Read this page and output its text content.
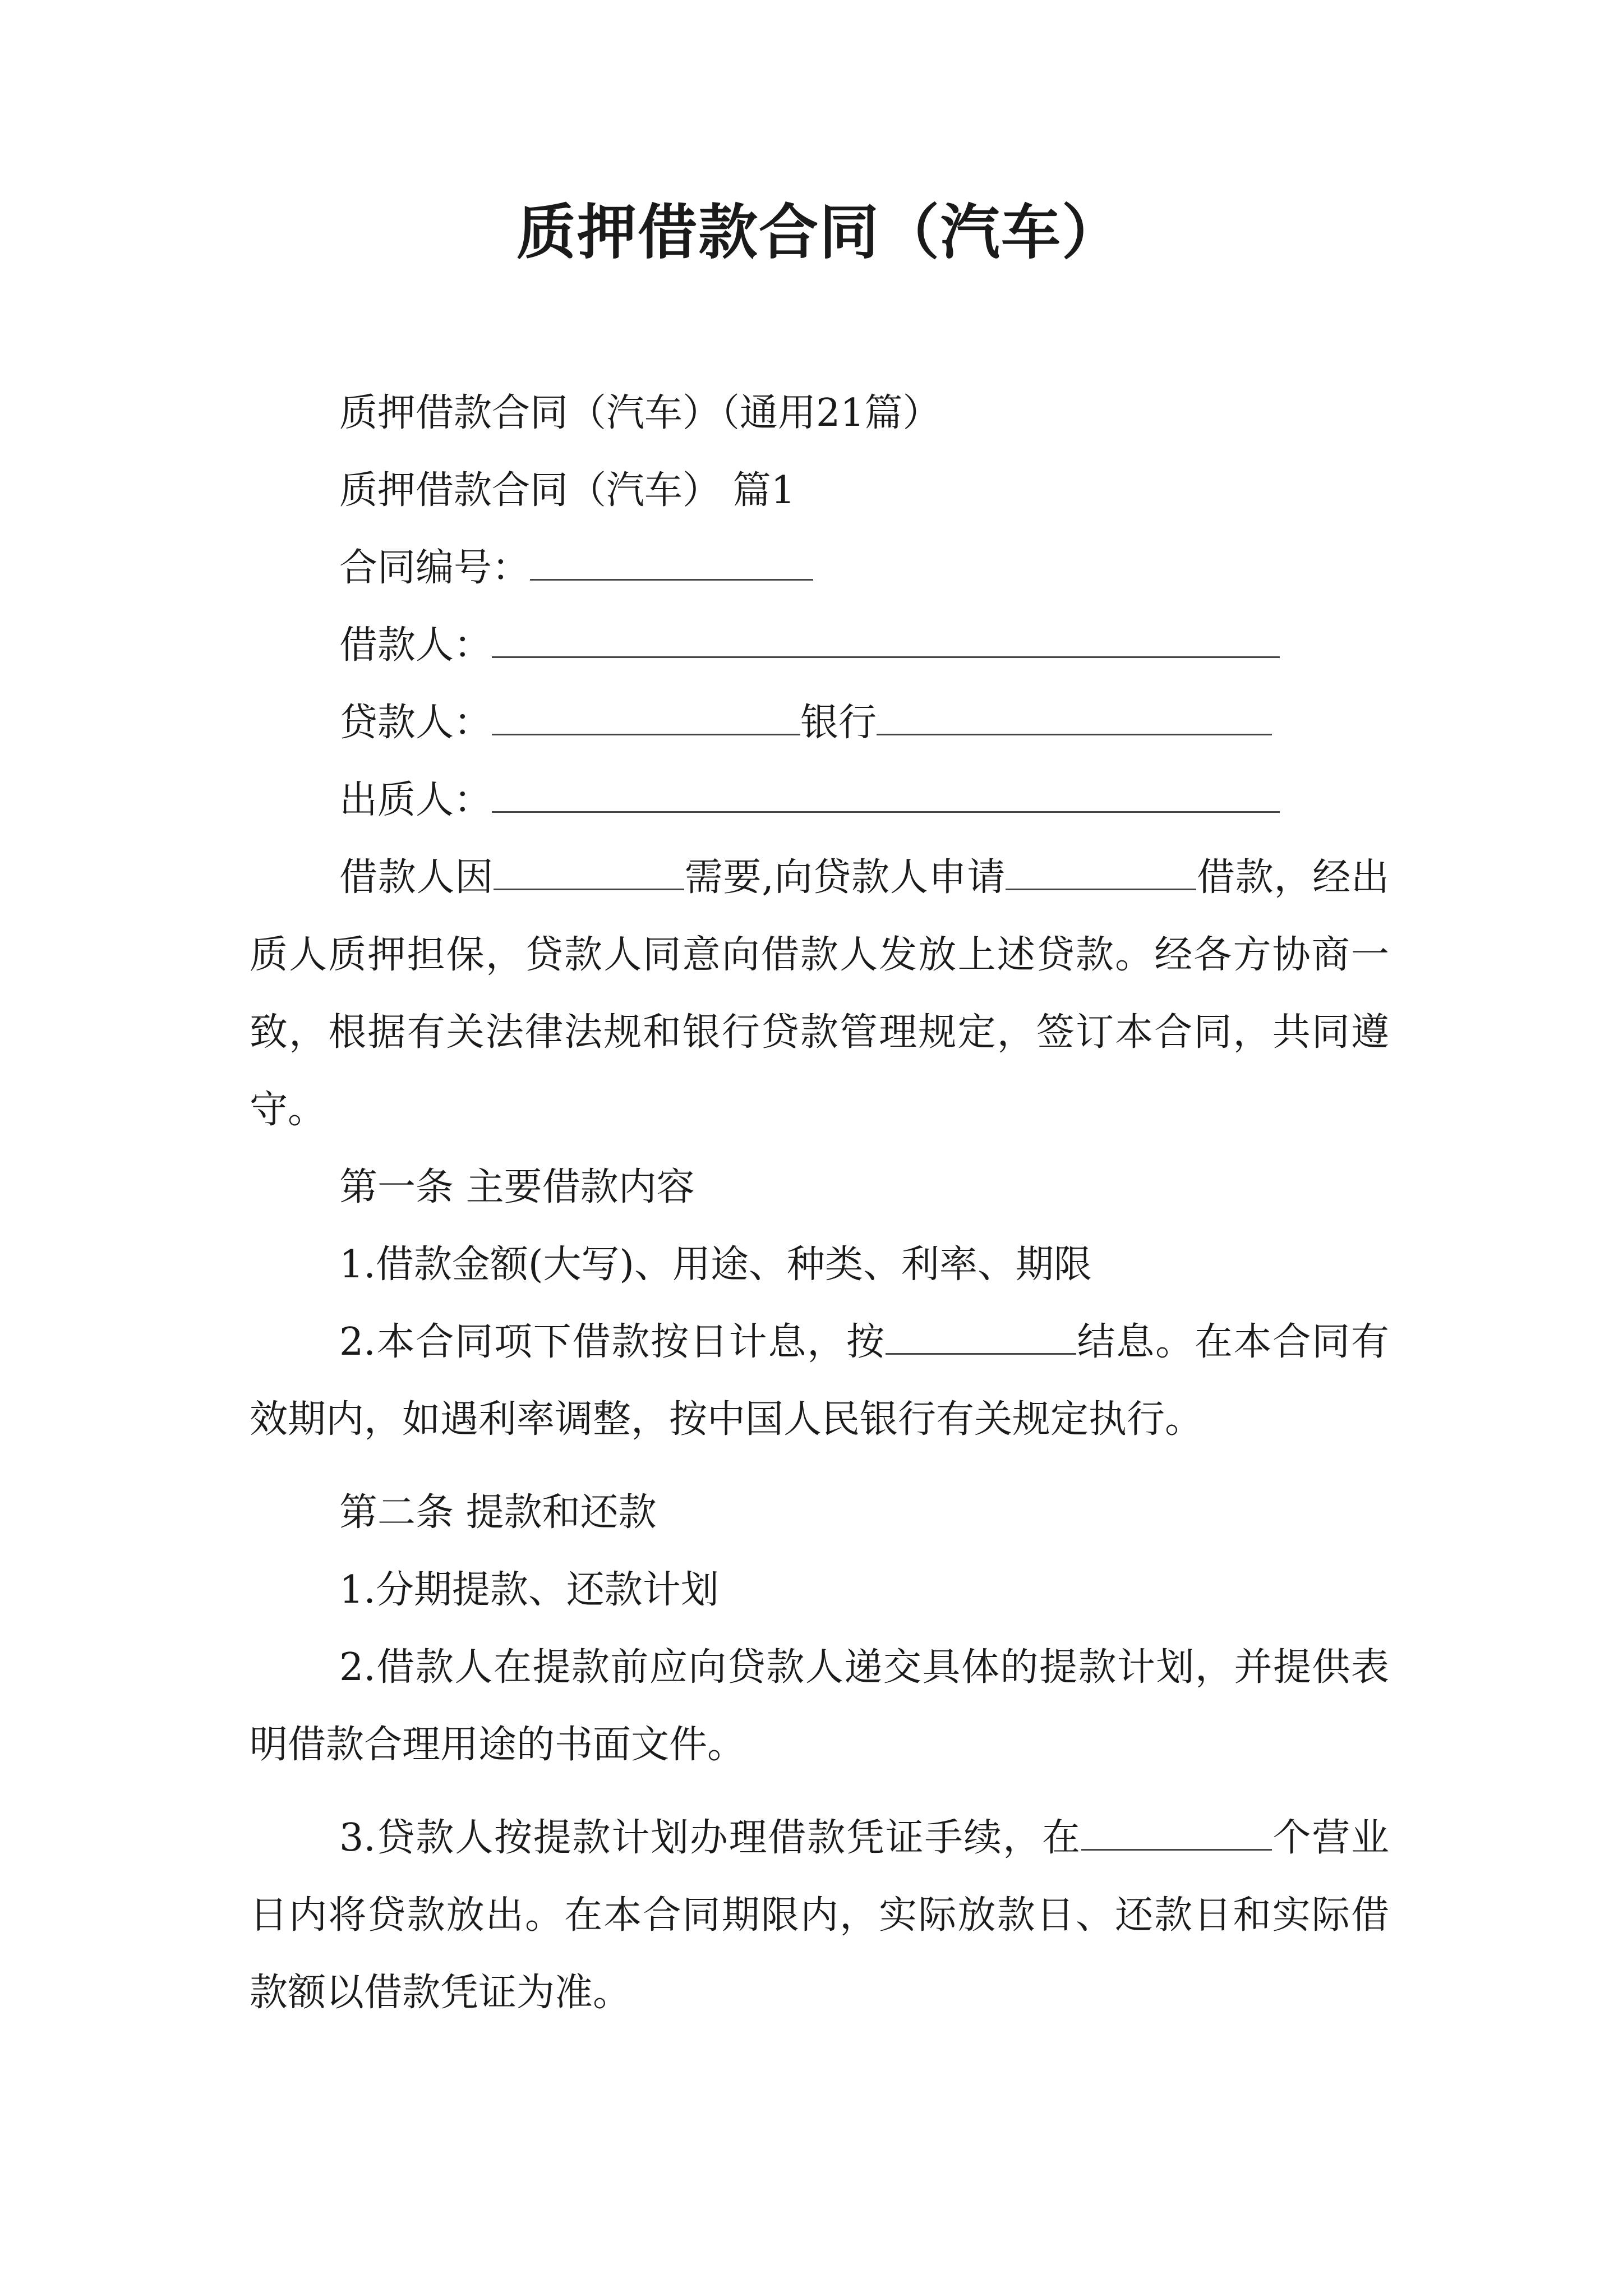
质押借款合同（汽车）

质押借款合同（汽车）（通用21篇）

质押借款合同（汽车） 篇1

合同编号：

借款人：

贷款人：	银行

出质人：

借款人因	需要,向贷款人申请	借款，经出质人质押担保，贷款人同意向借款人发放上述贷款。经各方协商一致，根据有关法律法规和银行贷款管理规定，签订本合同，共同遵守。

第一条 主要借款内容

1.借款金额(大写)、用途、种类、利率、期限

2.本合同项下借款按日计息，按	结息。在本合同有效期内，如遇利率调整，按中国人民银行有关规定执行。

第二条 提款和还款

1.分期提款、还款计划

2.借款人在提款前应向贷款人递交具体的提款计划，并提供表明借款合理用途的书面文件。

3.贷款人按提款计划办理借款凭证手续，在	个营业日内将贷款放出。在本合同期限内，实际放款日、还款日和实际借款额以借款凭证为准。
